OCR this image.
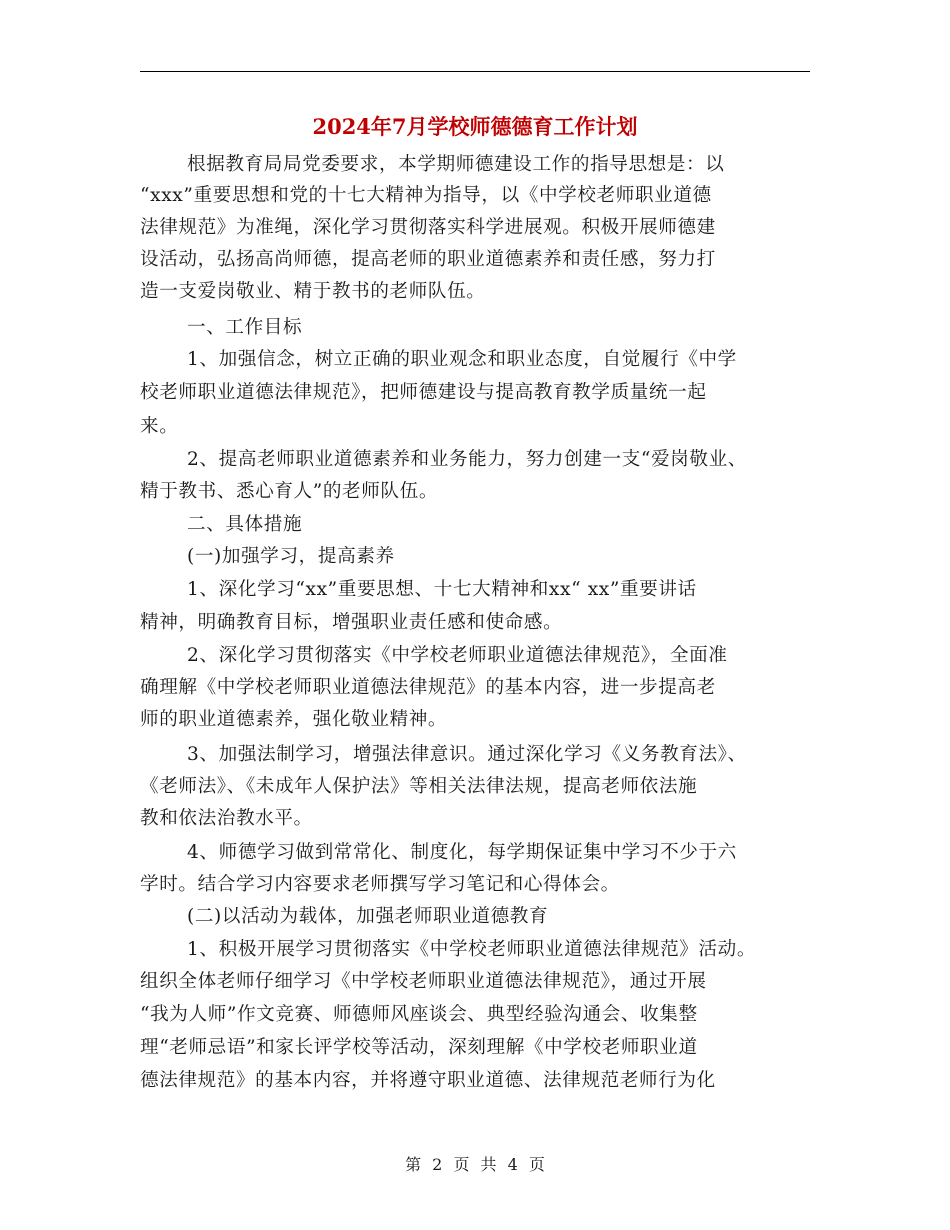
2024年7月学校师德德育工作计划
根据教育局局党委要求，本学期师德建设工作的指导思想是：以
“xxx”重要思想和党的十七大精神为指导，以《中学校老师职业道德
法律规范》为准绳，深化学习贯彻落实科学进展观。积极开展师德建
设活动，弘扬高尚师德，提高老师的职业道德素养和责任感，努力打
造一支爱岗敬业、精于教书的老师队伍。
一、工作目标
1、加强信念，树立正确的职业观念和职业态度，自觉履行《中学
校老师职业道德法律规范》，把师德建设与提高教育教学质量统一起
来。
2、提高老师职业道德素养和业务能力，努力创建一支“爱岗敬业、
精于教书、悉心育人”的老师队伍。
二、具体措施
(一)加强学习，提高素养
1、深化学习“xx”重要思想、十七大精神和xx“ xx”重要讲话
精神，明确教育目标，增强职业责任感和使命感。
2、深化学习贯彻落实《中学校老师职业道德法律规范》，全面准
确理解《中学校老师职业道德法律规范》的基本内容，进一步提高老
师的职业道德素养，强化敬业精神。
3、加强法制学习，增强法律意识。通过深化学习《义务教育法》、
《老师法》、《未成年人保护法》等相关法律法规，提高老师依法施
教和依法治教水平。
4、师德学习做到常常化、制度化，每学期保证集中学习不少于六
学时。结合学习内容要求老师撰写学习笔记和心得体会。
(二)以活动为载体，加强老师职业道德教育
1、积极开展学习贯彻落实《中学校老师职业道德法律规范》活动。
组织全体老师仔细学习《中学校老师职业道德法律规范》，通过开展
“我为人师”作文竞赛、师德师风座谈会、典型经验沟通会、收集整
理“老师忌语”和家长评学校等活动，深刻理解《中学校老师职业道
德法律规范》的基本内容，并将遵守职业道德、法律规范老师行为化
第 2 页 共 4 页
